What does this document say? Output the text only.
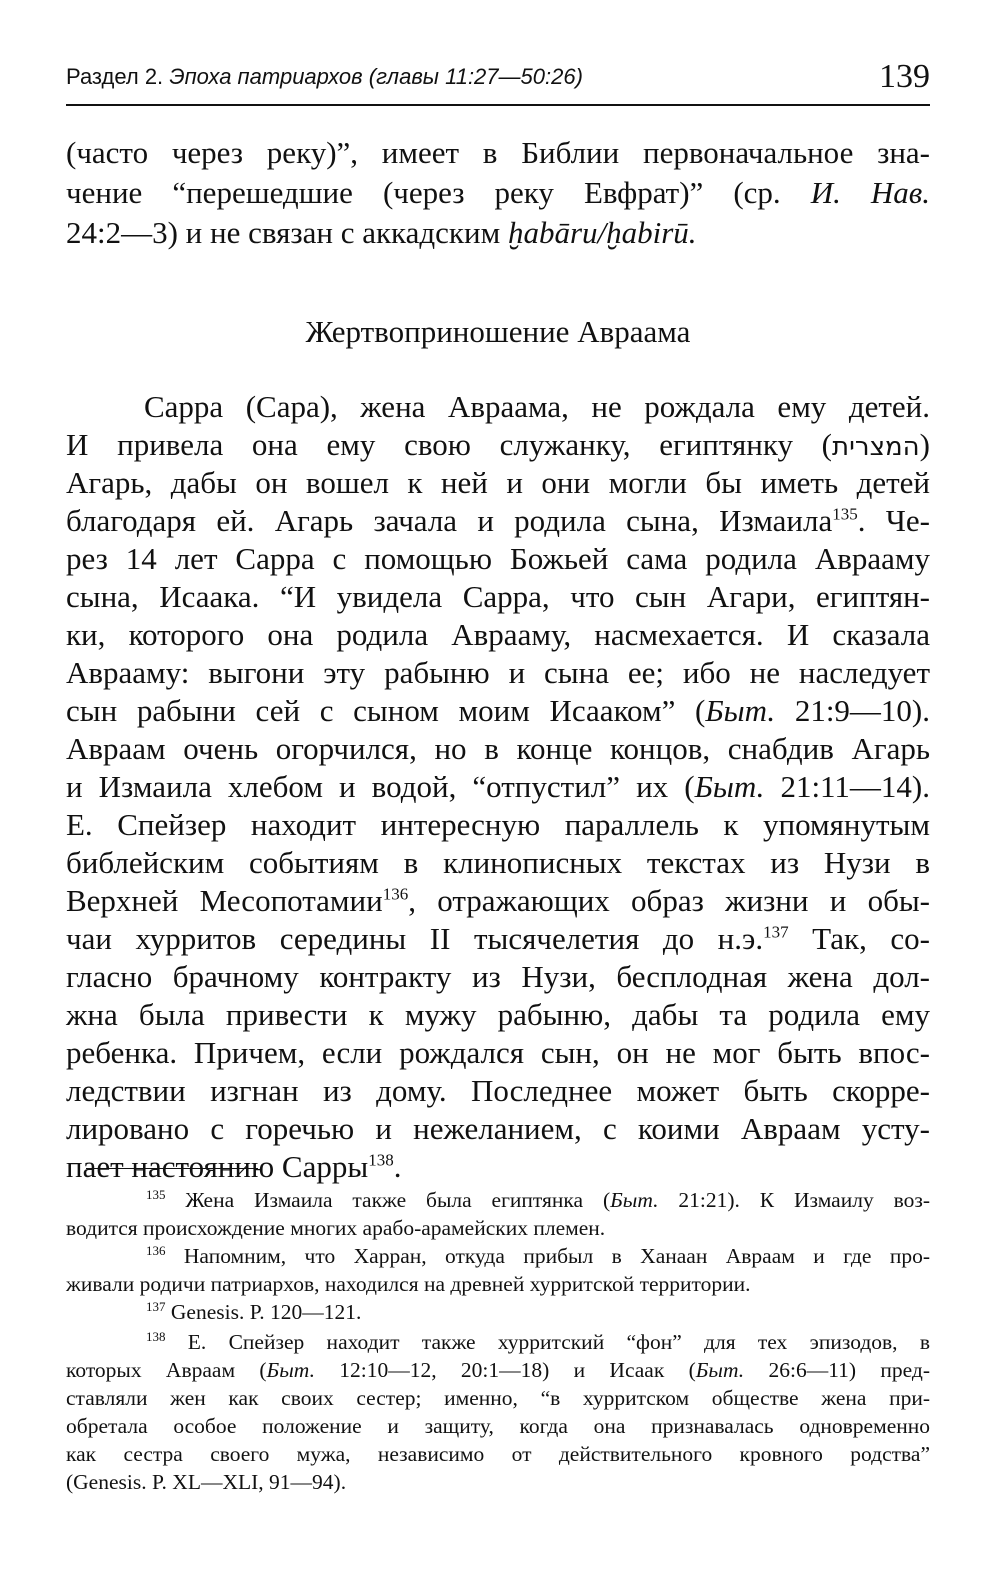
Раздел 2. Эпоха патриархов (главы 11:27—50:26)	139
(часто через реку)”, имеет в Библии первоначальное зна-
чение “перешедшие (через реку Евфрат)” (ср. И. Нав.
24:2—3) и не связан с аккадским ḫabāru/ḫabirū.
Жертвоприношение Авраама
Сарра (Сара), жена Авраама, не рождала ему детей.
И привела она ему свою служанку, египтянку (המצרית)
Агарь, дабы он вошел к ней и они могли бы иметь детей
благодаря ей. Агарь зачала и родила сына, Измаила$^{135}$. Че-
рез 14 лет Сарра с помощью Божьей сама родила Аврааму
сына, Исаака. “И увидела Сарра, что сын Агари, египтян-
ки, которого она родила Аврааму, насмехается. И сказала
Аврааму: выгони эту рабыню и сына ее; ибо не наследует
сын рабыни сей с сыном моим Исааком” (Быт. 21:9—10).
Авраам очень огорчился, но в конце концов, снабдив Агарь
и Измаила хлебом и водой, “отпустил” их (Быт. 21:11—14).
Е. Спейзер находит интересную параллель к упомянутым
библейским событиям в клинописных текстах из Нузи в
Верхней Месопотамии$^{136}$, отражающих образ жизни и обы-
чаи хурритов середины II тысячелетия до н.э.$^{137}$ Так, со-
гласно брачному контракту из Нузи, бесплодная жена дол-
жна была привести к мужу рабыню, дабы та родила ему
ребенка. Причем, если рождался сын, он не мог быть впос-
ледствии изгнан из дому. Последнее может быть скорре-
лировано с горечью и нежеланием, с коими Авраам усту-
пает настоянию Сарры$^{138}$.
$^{135}$ Жена Измаила также была египтянка (Быт. 21:21). К Измаилу воз-
водится происхождение многих арабо-арамейских племен.
$^{136}$ Напомним, что Харран, откуда прибыл в Ханаан Авраам и где про-
живали родичи патриархов, находился на древней хурритской территории.
$^{137}$ Genesis. P. 120—121.
$^{138}$ Е. Спейзер находит также хурритский “фон” для тех эпизодов, в
которых Авраам (Быт. 12:10—12, 20:1—18) и Исаак (Быт. 26:6—11) пред-
ставляли жен как своих сестер; именно, “в хурритском обществе жена при-
обретала особое положение и защиту, когда она признавалась одновременно
как сестра своего мужа, независимо от действительного кровного родства”
(Genesis. P. XL—XLI, 91—94).
